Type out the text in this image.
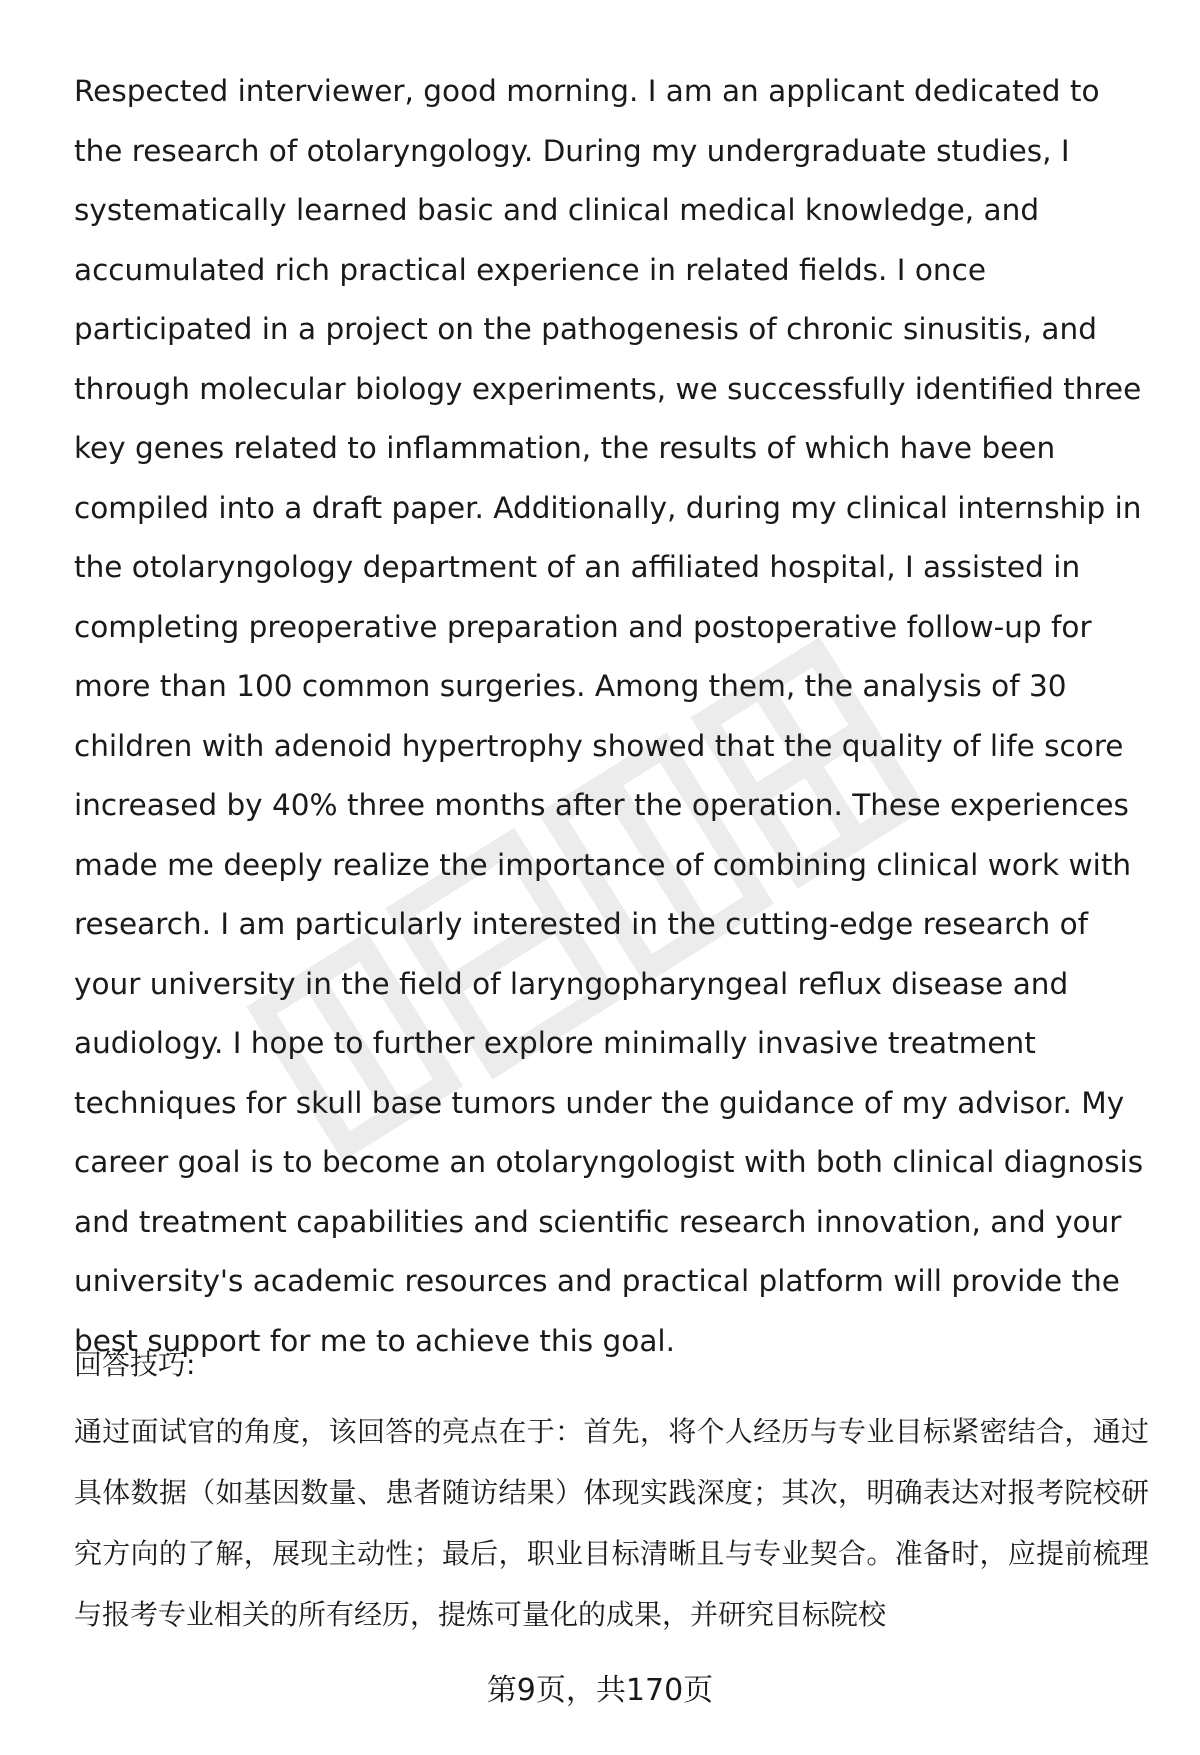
Respected interviewer, good morning. I am an applicant dedicated to the research of otolaryngology. During my undergraduate studies, I systematically learned basic and clinical medical knowledge, and accumulated rich practical experience in related fields. I once participated in a project on the pathogenesis of chronic sinusitis, and through molecular biology experiments, we successfully identified three key genes related to inflammation, the results of which have been compiled into a draft paper. Additionally, during my clinical internship in the otolaryngology department of an affiliated hospital, I assisted in completing preoperative preparation and postoperative follow-up for more than 100 common surgeries. Among them, the analysis of 30 children with adenoid hypertrophy showed that the quality of life score increased by 40% three months after the operation. These experiences made me deeply realize the importance of combining clinical work with research. I am particularly interested in the cutting-edge research of your university in the field of laryngopharyngeal reflux disease and audiology. I hope to further explore minimally invasive treatment techniques for skull base tumors under the guidance of my advisor. My career goal is to become an otolaryngologist with both clinical diagnosis and treatment capabilities and scientific research innovation, and your university's academic resources and practical platform will provide the best support for me to achieve this goal.

回答技巧:

通过面试官的角度，该回答的亮点在于：首先，将个人经历与专业目标紧密结合，通过具体数据（如基因数量、患者随访结果）体现实践深度；其次，明确表达对报考院校研究方向的了解，展现主动性；最后，职业目标清晰且与专业契合。准备时，应提前梳理与报考专业相关的所有经历，提炼可量化的成果，并研究目标院校

第9页，共170页
